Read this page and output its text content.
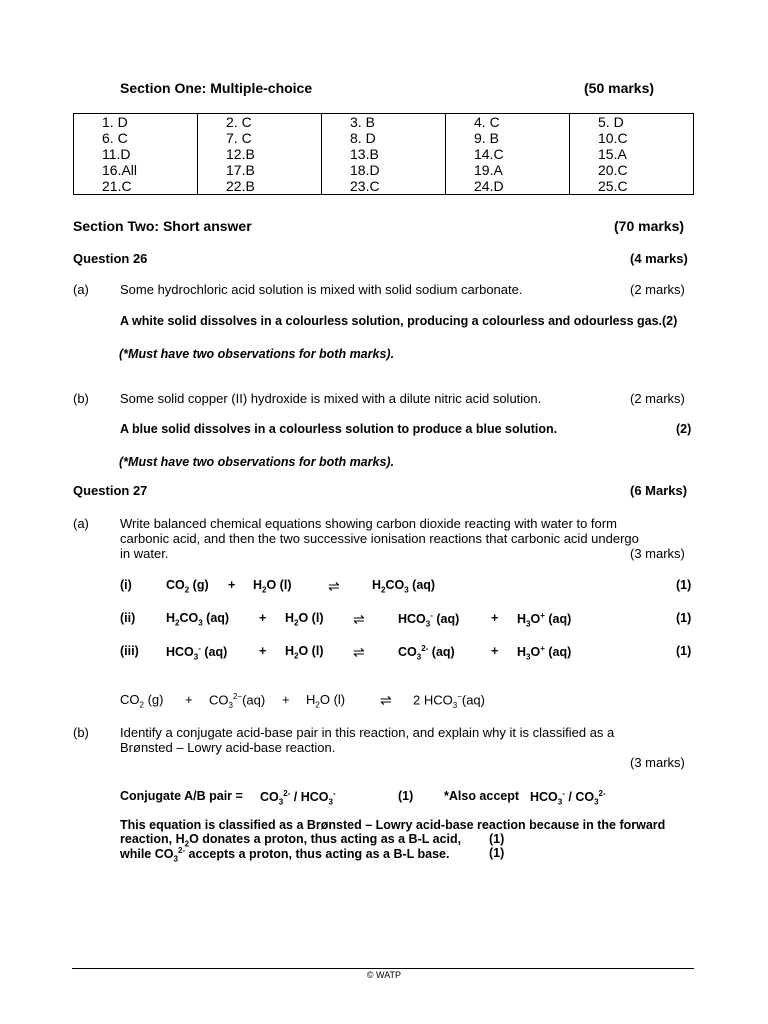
Section One: Multiple-choice	(50 marks)
1. D	2. C	3. B	4. C	5. D
6. C	7. C	8. D	9. B	10.C
11.D	12.B	13.B	14.C	15.A
16.All	17.B	18.D	19.A	20.C
21.C	22.B	23.C	24.D	25.C
Section Two: Short answer	(70 marks)
Question 26	(4 marks)
(a) Some hydrochloric acid solution is mixed with solid sodium carbonate.	(2 marks)
A white solid dissolves in a colourless solution, producing a colourless and odourless gas.(2)
(*Must have two observations for both marks).
(b) Some solid copper (II) hydroxide is mixed with a dilute nitric acid solution.	(2 marks)
A blue solid dissolves in a colourless solution to produce a blue solution.	(2)
(*Must have two observations for both marks).
Question 27	(6 Marks)
(a) Write balanced chemical equations showing carbon dioxide reacting with water to form
carbonic acid, and then the two successive ionisation reactions that carbonic acid undergo
in water.	(3 marks)
(i)	$CO_2$ $(g) + H_2O$ (l)	⇌	$H_2CO_3$ (aq)	(1)
(ii) $H_2CO_3$ $(aq) + H_2O$ (l) ⇌	$HCO_3^-$ (aq)	+ $H_3O^+$ (aq)	(1)
(iii) $HCO_3^-$ (aq)	+ $H_2O$ (l) ⇌	$CO_3^{2-}$ (aq)	+ $H_3O^+$ (aq)	(1)
$CO_2$ $(g) + CO_3^{2-}(aq) + H_2O$ (l) ⇌ 2 $HCO_3^-(aq)$
(b) Identify a conjugate acid-base pair in this reaction, and explain why it is classified as a
Brønsted – Lowry acid-base reaction.
(3 marks)
Conjugate A/B pair = $CO_3^{2-} / HCO_3^-$	(1) *Also accept $HCO_3^- / CO_3^{2-}$
This equation is classified as a Brønsted – Lowry acid-base reaction because in the forward
reaction, $H_2O$ donates a proton, thus acting as a B-L acid, (1)
while $CO_3^{2-}$ accepts a proton, thus acting as a B-L base.	(1)
© WATP
